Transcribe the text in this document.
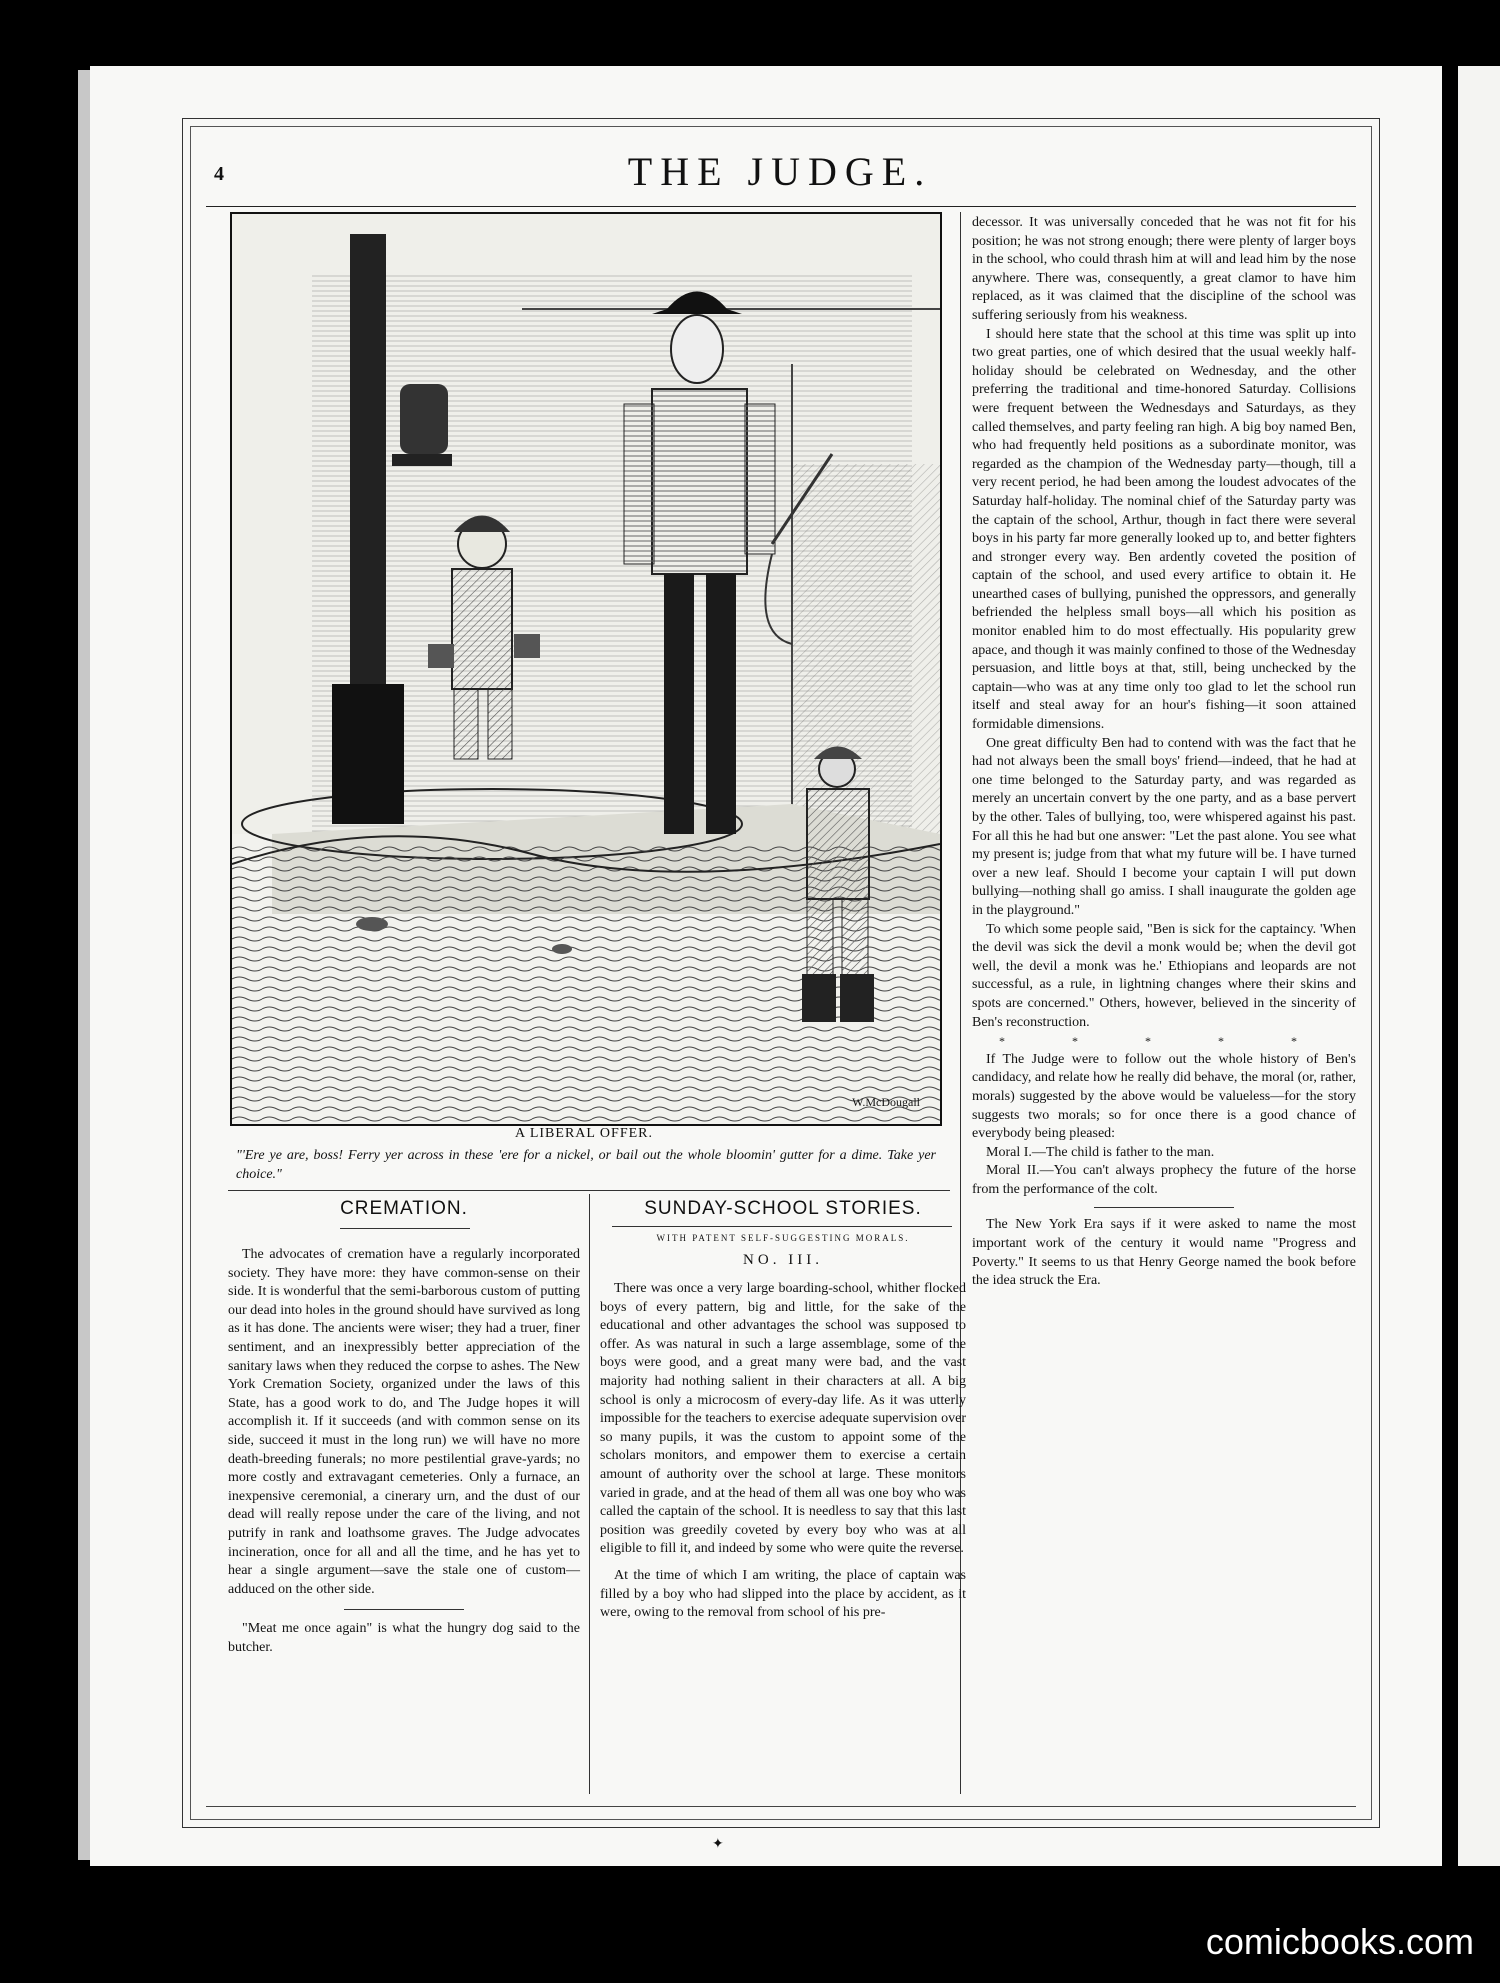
4	THE JUDGE.
W.McDougall
A LIBERAL OFFER.
"'Ere ye are, boss! Ferry yer across in these 'ere for a nickel, or bail out the whole bloomin' gutter for a dime. Take yer choice."

decessor. It was universally conceded that he was not fit for his position; he was not strong enough; there were plenty of larger boys in the school, who could thrash him at will and lead him by the nose anywhere. There was, consequently, a great clamor to have him replaced, as it was claimed that the discipline of the school was suffering seriously from his weakness.

I should here state that the school at this time was split up into two great parties, one of which desired that the usual weekly half-holiday should be celebrated on Wednesday, and the other preferring the traditional and time-honored Saturday. Collisions were frequent between the Wednesdays and Saturdays, as they called themselves, and party feeling ran high. A big boy named Ben, who had frequently held positions as a subordinate monitor, was regarded as the champion of the Wednesday party—though, till a very recent period, he had been among the loudest advocates of the Saturday half-holiday. The nominal chief of the Saturday party was the captain of the school, Arthur, though in fact there were several boys in his party far more generally looked up to, and better fighters and stronger every way. Ben ardently coveted the position of captain of the school, and used every artifice to obtain it. He unearthed cases of bullying, punished the oppressors, and generally befriended the helpless small boys—all which his position as monitor enabled him to do most effectually. His popularity grew apace, and though it was mainly confined to those of the Wednesday persuasion, and little boys at that, still, being unchecked by the captain—who was at any time only too glad to let the school run itself and steal away for an hour's fishing—it soon attained formidable dimensions.

One great difficulty Ben had to contend with was the fact that he had not always been the small boys' friend—indeed, that he had at one time belonged to the Saturday party, and was regarded as merely an uncertain convert by the one party, and as a base pervert by the other. Tales of bullying, too, were whispered against his past. For all this he had but one answer: "Let the past alone. You see what my present is; judge from that what my future will be. I have turned over a new leaf. Should I become your captain I will put down bullying—nothing shall go amiss. I shall inaugurate the golden age in the playground."

To which some people said, "Ben is sick for the captaincy. 'When the devil was sick the devil a monk would be; when the devil got well, the devil a monk was he.' Ethiopians and leopards are not successful, as a rule, in lightning changes where their skins and spots are concerned." Others, however, believed in the sincerity of Ben's reconstruction.

* * * * *

If The Judge were to follow out the whole history of Ben's candidacy, and relate how he really did behave, the moral (or, rather, morals) suggested by the above would be valueless—for the story suggests two morals; so for once there is a good chance of everybody being pleased:

Moral I.—The child is father to the man.

Moral II.—You can't always prophecy the future of the horse from the performance of the colt.

The New York Era says if it were asked to name the most important work of the century it would name "Progress and Poverty." It seems to us that Henry George named the book before the idea struck the Era.

CREMATION.

The advocates of cremation have a regularly incorporated society. They have more: they have common-sense on their side. It is wonderful that the semi-barborous custom of putting our dead into holes in the ground should have survived as long as it has done. The ancients were wiser; they had a truer, finer sentiment, and an inexpressibly better appreciation of the sanitary laws when they reduced the corpse to ashes. The New York Cremation Society, organized under the laws of this State, has a good work to do, and The Judge hopes it will accomplish it. If it succeeds (and with common sense on its side, succeed it must in the long run) we will have no more death-breeding funerals; no more pestilential grave-yards; no more costly and extravagant cemeteries. Only a furnace, an inexpensive ceremonial, a cinerary urn, and the dust of our dead will really repose under the care of the living, and not putrify in rank and loathsome graves. The Judge advocates incineration, once for all and all the time, and he has yet to hear a single argument—save the stale one of custom—adduced on the other side.

"Meat me once again" is what the hungry dog said to the butcher.

SUNDAY-SCHOOL STORIES.
WITH PATENT SELF-SUGGESTING MORALS.
NO. III.

There was once a very large boarding-school, whither flocked boys of every pattern, big and little, for the sake of the educational and other advantages the school was supposed to offer. As was natural in such a large assemblage, some of the boys were good, and a great many were bad, and the vast majority had nothing salient in their characters at all. A big school is only a microcosm of every-day life. As it was utterly impossible for the teachers to exercise adequate supervision over so many pupils, it was the custom to appoint some of the scholars monitors, and empower them to exercise a certain amount of authority over the school at large. These monitors varied in grade, and at the head of them all was one boy who was called the captain of the school. It is needless to say that this last position was greedily coveted by every boy who was at all eligible to fill it, and indeed by some who were quite the reverse.

At the time of which I am writing, the place of captain was filled by a boy who had slipped into the place by accident, as it were, owing to the removal from school of his pre-

✦
comicbooks.com
